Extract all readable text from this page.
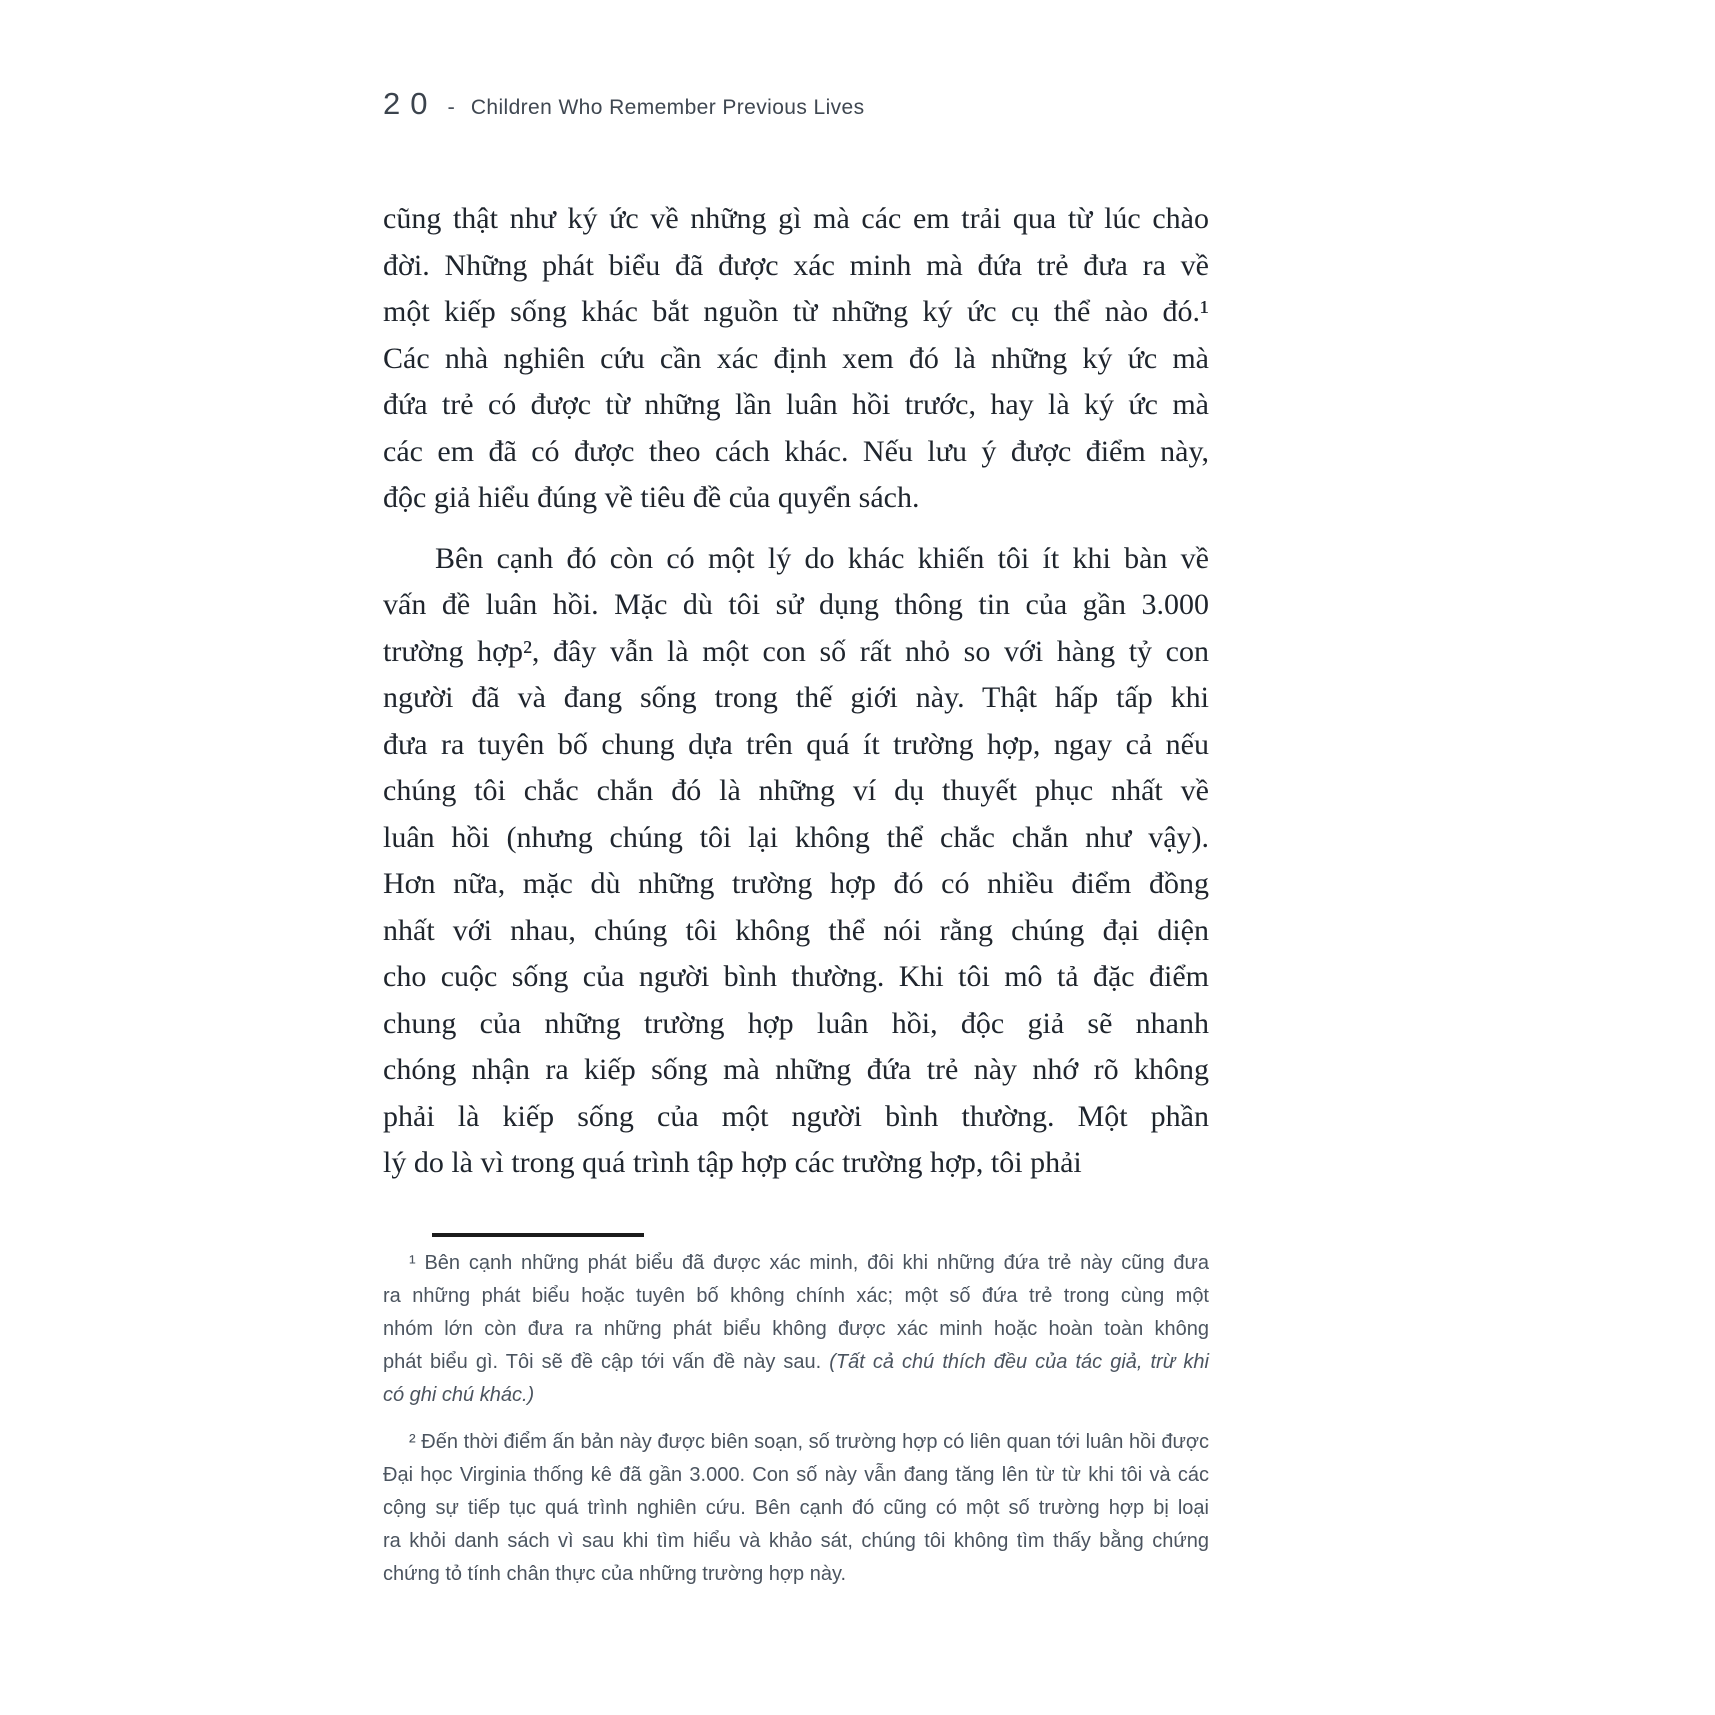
20 - Children Who Remember Previous Lives
cũng thật như ký ức về những gì mà các em trải qua từ lúc chào
đời. Những phát biểu đã được xác minh mà đứa trẻ đưa ra về
một kiếp sống khác bắt nguồn từ những ký ức cụ thể nào đó.¹
Các nhà nghiên cứu cần xác định xem đó là những ký ức mà
đứa trẻ có được từ những lần luân hồi trước, hay là ký ức mà
các em đã có được theo cách khác. Nếu lưu ý được điểm này,
độc giả hiểu đúng về tiêu đề của quyển sách.
Bên cạnh đó còn có một lý do khác khiến tôi ít khi bàn về
vấn đề luân hồi. Mặc dù tôi sử dụng thông tin của gần 3.000
trường hợp², đây vẫn là một con số rất nhỏ so với hàng tỷ con
người đã và đang sống trong thế giới này. Thật hấp tấp khi
đưa ra tuyên bố chung dựa trên quá ít trường hợp, ngay cả nếu
chúng tôi chắc chắn đó là những ví dụ thuyết phục nhất về
luân hồi (nhưng chúng tôi lại không thể chắc chắn như vậy).
Hơn nữa, mặc dù những trường hợp đó có nhiều điểm đồng
nhất với nhau, chúng tôi không thể nói rằng chúng đại diện
cho cuộc sống của người bình thường. Khi tôi mô tả đặc điểm
chung của những trường hợp luân hồi, độc giả sẽ nhanh
chóng nhận ra kiếp sống mà những đứa trẻ này nhớ rõ không
phải là kiếp sống của một người bình thường. Một phần
lý do là vì trong quá trình tập hợp các trường hợp, tôi phải
¹ Bên cạnh những phát biểu đã được xác minh, đôi khi những đứa trẻ này cũng đưa
ra những phát biểu hoặc tuyên bố không chính xác; một số đứa trẻ trong cùng một
nhóm lớn còn đưa ra những phát biểu không được xác minh hoặc hoàn toàn không
phát biểu gì. Tôi sẽ đề cập tới vấn đề này sau. (Tất cả chú thích đều của tác giả, trừ khi
có ghi chú khác.)
² Đến thời điểm ấn bản này được biên soạn, số trường hợp có liên quan tới luân hồi được
Đại học Virginia thống kê đã gần 3.000. Con số này vẫn đang tăng lên từ từ khi tôi và các
cộng sự tiếp tục quá trình nghiên cứu. Bên cạnh đó cũng có một số trường hợp bị loại
ra khỏi danh sách vì sau khi tìm hiểu và khảo sát, chúng tôi không tìm thấy bằng chứng
chứng tỏ tính chân thực của những trường hợp này.
